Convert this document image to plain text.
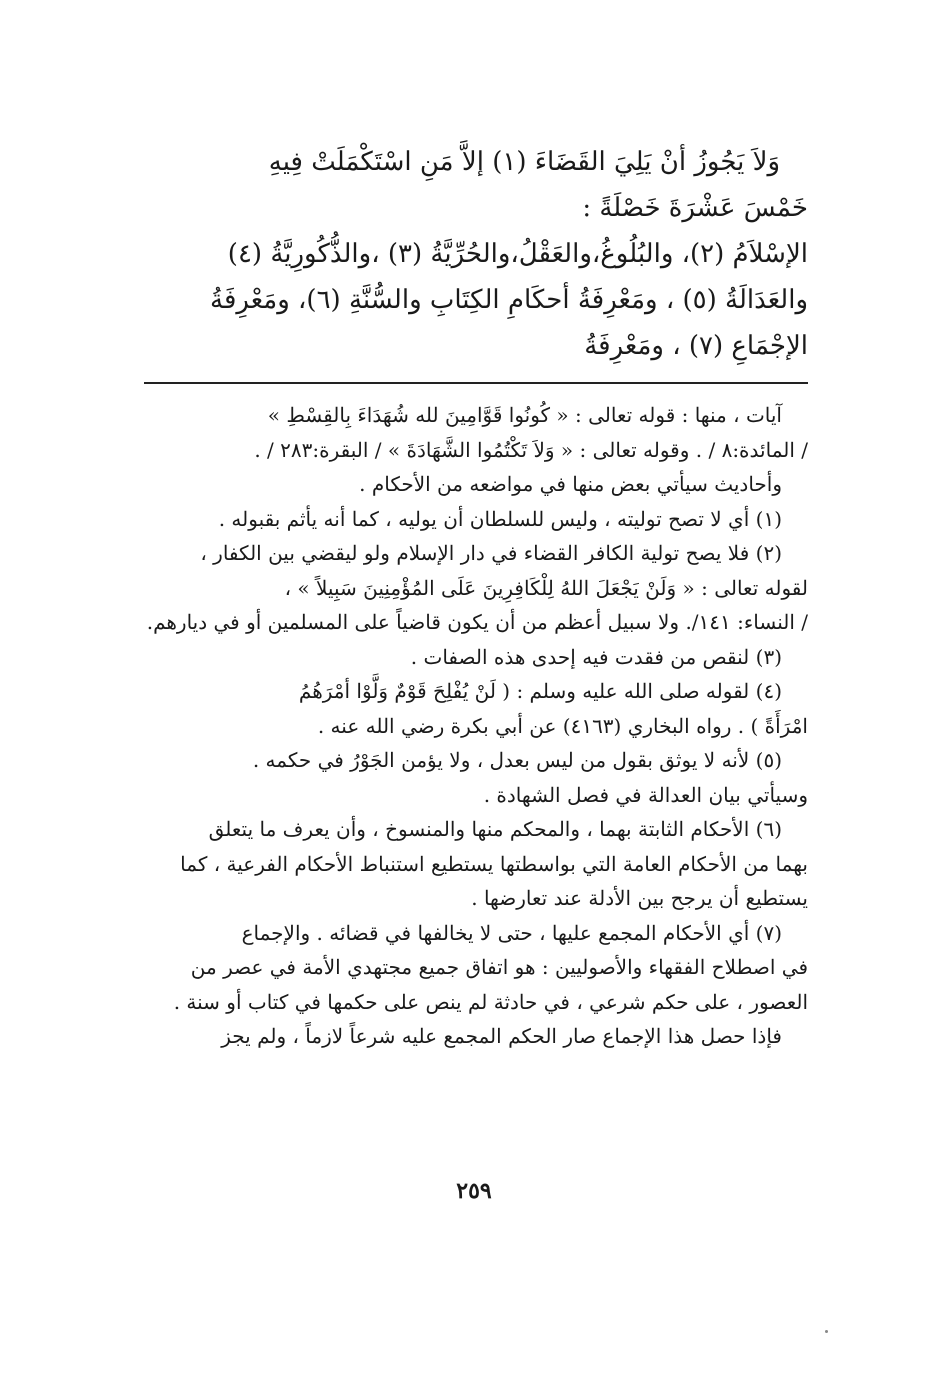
وَلاَ يَجُوزُ أنْ يَلِيَ القَضَاءَ (١) إلاَّ مَنِ اسْتَكْمَلَتْ فِيهِ

خَمْسَ عَشْرَةَ خَصْلَةً :

الإسْلاَمُ (٢)، والبُلُوغُ،والعَقْلُ،والحُرِّيَّةُ (٣) ،والذُّكُورِيَّةُ (٤)

والعَدَالَةُ (٥) ، ومَعْرِفَةُ أحكَامِ الكِتَابِ والسُّنَّةِ (٦)، ومَعْرِفَةُ

الإجْمَاعِ (٧) ، ومَعْرِفَةُ

آيات ، منها : قوله تعالى : « كُونُوا قَوَّامِينَ لله شُهَدَاءَ بِالقِسْطِ »

/ المائدة:٨ / . وقوله تعالى : « وَلاَ تَكْتُمُوا الشَّهَادَةَ » / البقرة:٢٨٣ / .

وأحاديث سيأتي بعض منها في مواضعه من الأحكام .

(١) أي لا تصح توليته ، وليس للسلطان أن يوليه ، كما أنه يأثم بقبوله .

(٢) فلا يصح تولية الكافر القضاء في دار الإسلام ولو ليقضي بين الكفار ،

لقوله تعالى : « وَلَنْ يَجْعَلَ اللهُ لِلْكَافِرِينَ عَلَى المُؤْمِنِينَ سَبِيلاً » ،

/ النساء: ١٤١/. ولا سبيل أعظم من أن يكون قاضياً على المسلمين أو في ديارهم.

(٣) لنقص من فقدت فيه إحدى هذه الصفات .

(٤) لقوله صلى الله عليه وسلم : ( لَنْ يُفْلِحَ قَوْمٌ وَلَّوْا أمْرَهُمُ

امْرَأَةً ) . رواه البخاري (٤١٦٣) عن أبي بكرة رضي الله عنه .

(٥) لأنه لا يوثق بقول من ليس بعدل ، ولا يؤمن الجَوْرُ في حكمه .

وسيأتي بيان العدالة في فصل الشهادة .

(٦) الأحكام الثابتة بهما ، والمحكم منها والمنسوخ ، وأن يعرف ما يتعلق

بهما من الأحكام العامة التي بواسطتها يستطيع استنباط الأحكام الفرعية ، كما

يستطيع أن يرجح بين الأدلة عند تعارضها .

(٧) أي الأحكام المجمع عليها ، حتى لا يخالفها في قضائه . والإجماع

في اصطلاح الفقهاء والأصوليين : هو اتفاق جميع مجتهدي الأمة في عصر من

العصور ، على حكم شرعي ، في حادثة لم ينص على حكمها في كتاب أو سنة .

فإذا حصل هذا الإجماع صار الحكم المجمع عليه شرعاً لازماً ، ولم يجز

٢٥٩
